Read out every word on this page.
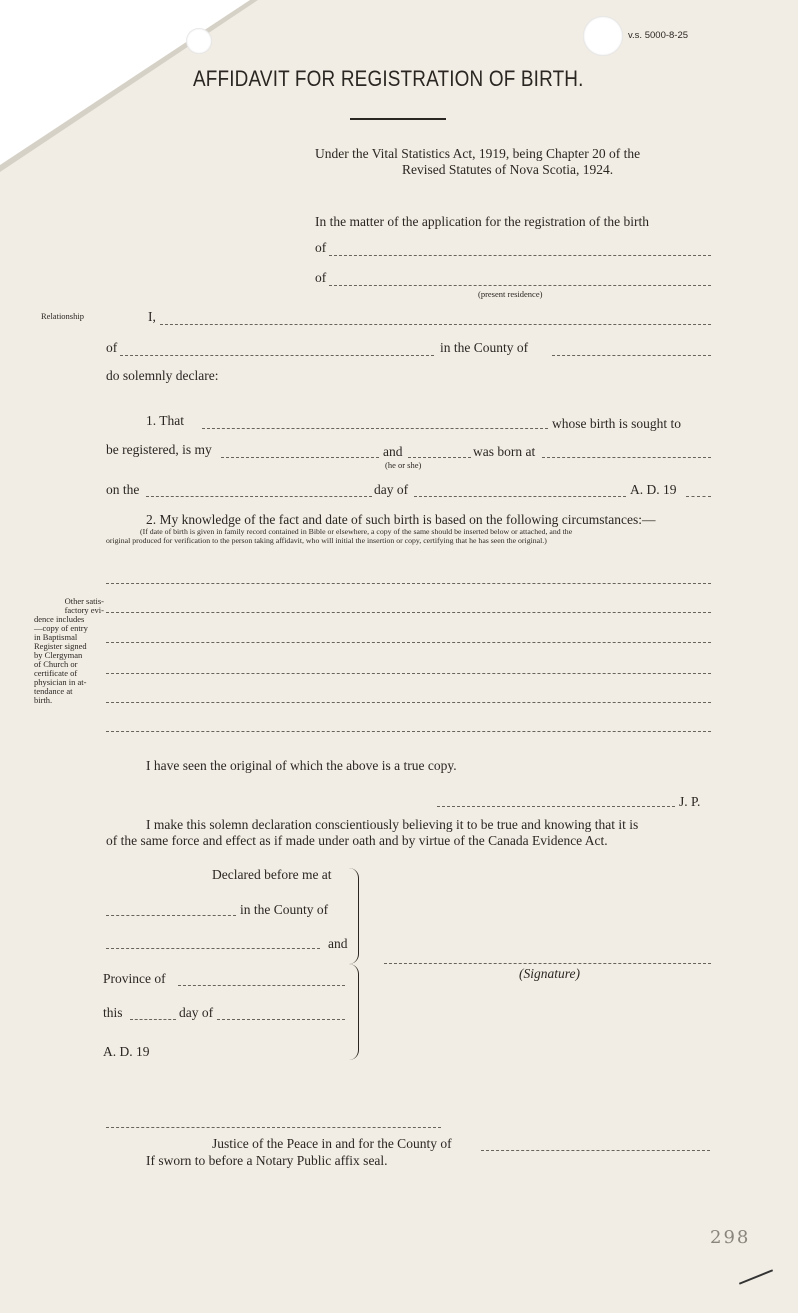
v.s. 5000-8-25
AFFIDAVIT FOR REGISTRATION OF BIRTH.
Under the Vital Statistics Act, 1919, being Chapter 20 of the
Revised Statutes of Nova Scotia, 1924.
In the matter of the application for the registration of the birth
of
of
(present residence)
Relationship	I,
of	in the County of
do solemnly declare:
1. That	whose birth is sought to
be registered, is my	and
(he or she)
was born at
on the	day of	A. D. 19
2. My knowledge of the fact and date of such birth is based on the following circumstances:—
(If date of birth is given in family record contained in Bible or elsewhere, a copy of the same should be inserted below or attached, and the
original produced for verification to the person taking affidavit, who will initial the insertion or copy, certifying that he has seen the original.)
Other satis-
factory evi-
dence includes
—copy of entry
in Baptismal
Register signed
by Clergyman
of Church or
certificate of
physician in at-
tendance at
birth.
I have seen the original of which the above is a true copy.
J. P.
I make this solemn declaration conscientiously believing it to be true and knowing that it is
of the same force and effect as if made under oath and by virtue of the Canada Evidence Act.
Declared before me at
in the County of
and
Province of
this	day of
A. D. 19
(Signature)
Justice of the Peace in and for the County of
If sworn to before a Notary Public affix seal.
298
